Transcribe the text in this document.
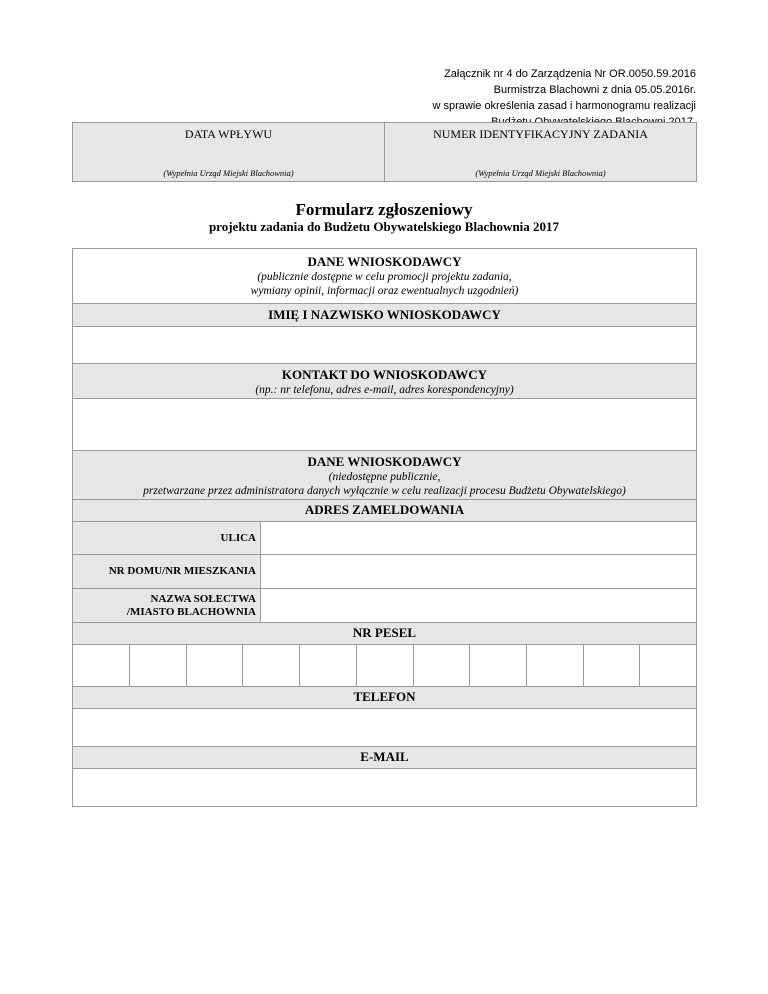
Załącznik nr 4 do Zarządzenia Nr OR.0050.59.2016
Burmistrza Blachowni z dnia 05.05.2016r.
w sprawie określenia zasad i harmonogramu realizacji
DATA WPŁYWU
(Wypełnia Urząd Miejski Blachownia)

NUMER IDENTYFIKACYJNY ZADANIA
(Wypełnia Urząd Miejski Blachownia)
Formularz zgłoszeniowy
projektu zadania do Budżetu Obywatelskiego Blachownia 2017
DANE WNIOSKODAWCY
(publicznie dostępne w celu promocji projektu zadania,
wymiany opinii, informacji oraz ewentualnych uzgodnień)
IMIĘ I NAZWISKO WNIOSKODAWCY
KONTAKT DO WNIOSKODAWCY
(np.: nr telefonu, adres e-mail, adres korespondencyjny)
DANE WNIOSKODAWCY
(niedostępne publicznie,
przetwarzane przez administratora danych wyłącznie w celu realizacji procesu Budżetu Obywatelskiego)
ADRES ZAMELDOWANIA
ULICA
NR DOMU/NR MIESZKANIA
NAZWA SOŁECTWA
/MIASTO BLACHOWNIA
NR PESEL
TELEFON
E-MAIL
